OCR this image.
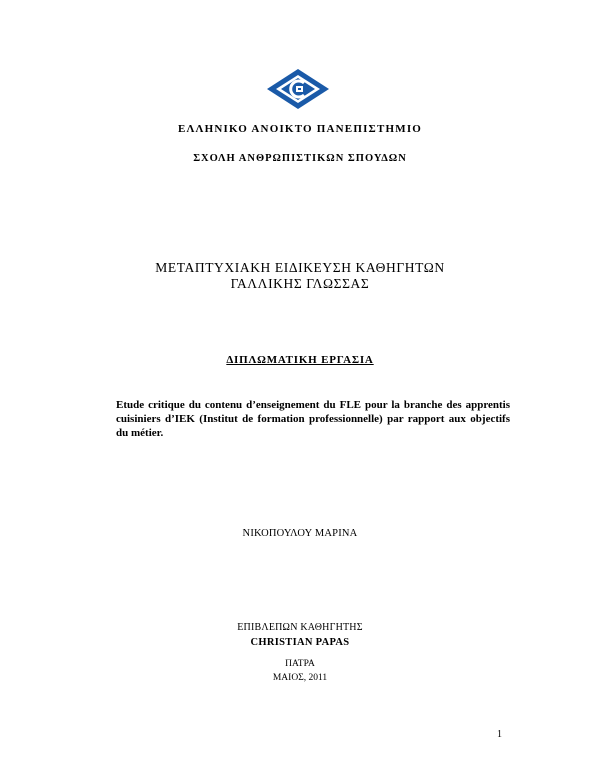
ΕΛΛΗΝΙΚΟ ΑΝΟΙΚΤΟ ΠΑΝΕΠΙΣΤΗΜΙΟ
ΣΧΟΛΗ ΑΝΘΡΩΠΙΣΤΙΚΩΝ ΣΠΟΥΔΩΝ
ΜΕΤΑΠΤΥΧΙΑΚΗ ΕΙΔΙΚΕΥΣΗ ΚΑΘΗΓΗΤΩΝ
ΓΑΛΛΙΚΗΣ ΓΛΩΣΣΑΣ
ΔΙΠΛΩΜΑΤΙΚΗ ΕΡΓΑΣΙΑ
Etude critique du contenu d’enseignement du FLE pour la branche des apprentis
cuisiniers d’IEK (Institut de formation professionnelle) par rapport aux objectifs
du métier.
ΝΙΚΟΠΟΥΛΟΥ ΜΑΡΙΝΑ
ΕΠΙΒΛΕΠΩΝ ΚΑΘΗΓΗΤΗΣ
CHRISTIAN PAPAS
ΠΑΤΡΑ
ΜΑΙΟΣ, 2011
1
